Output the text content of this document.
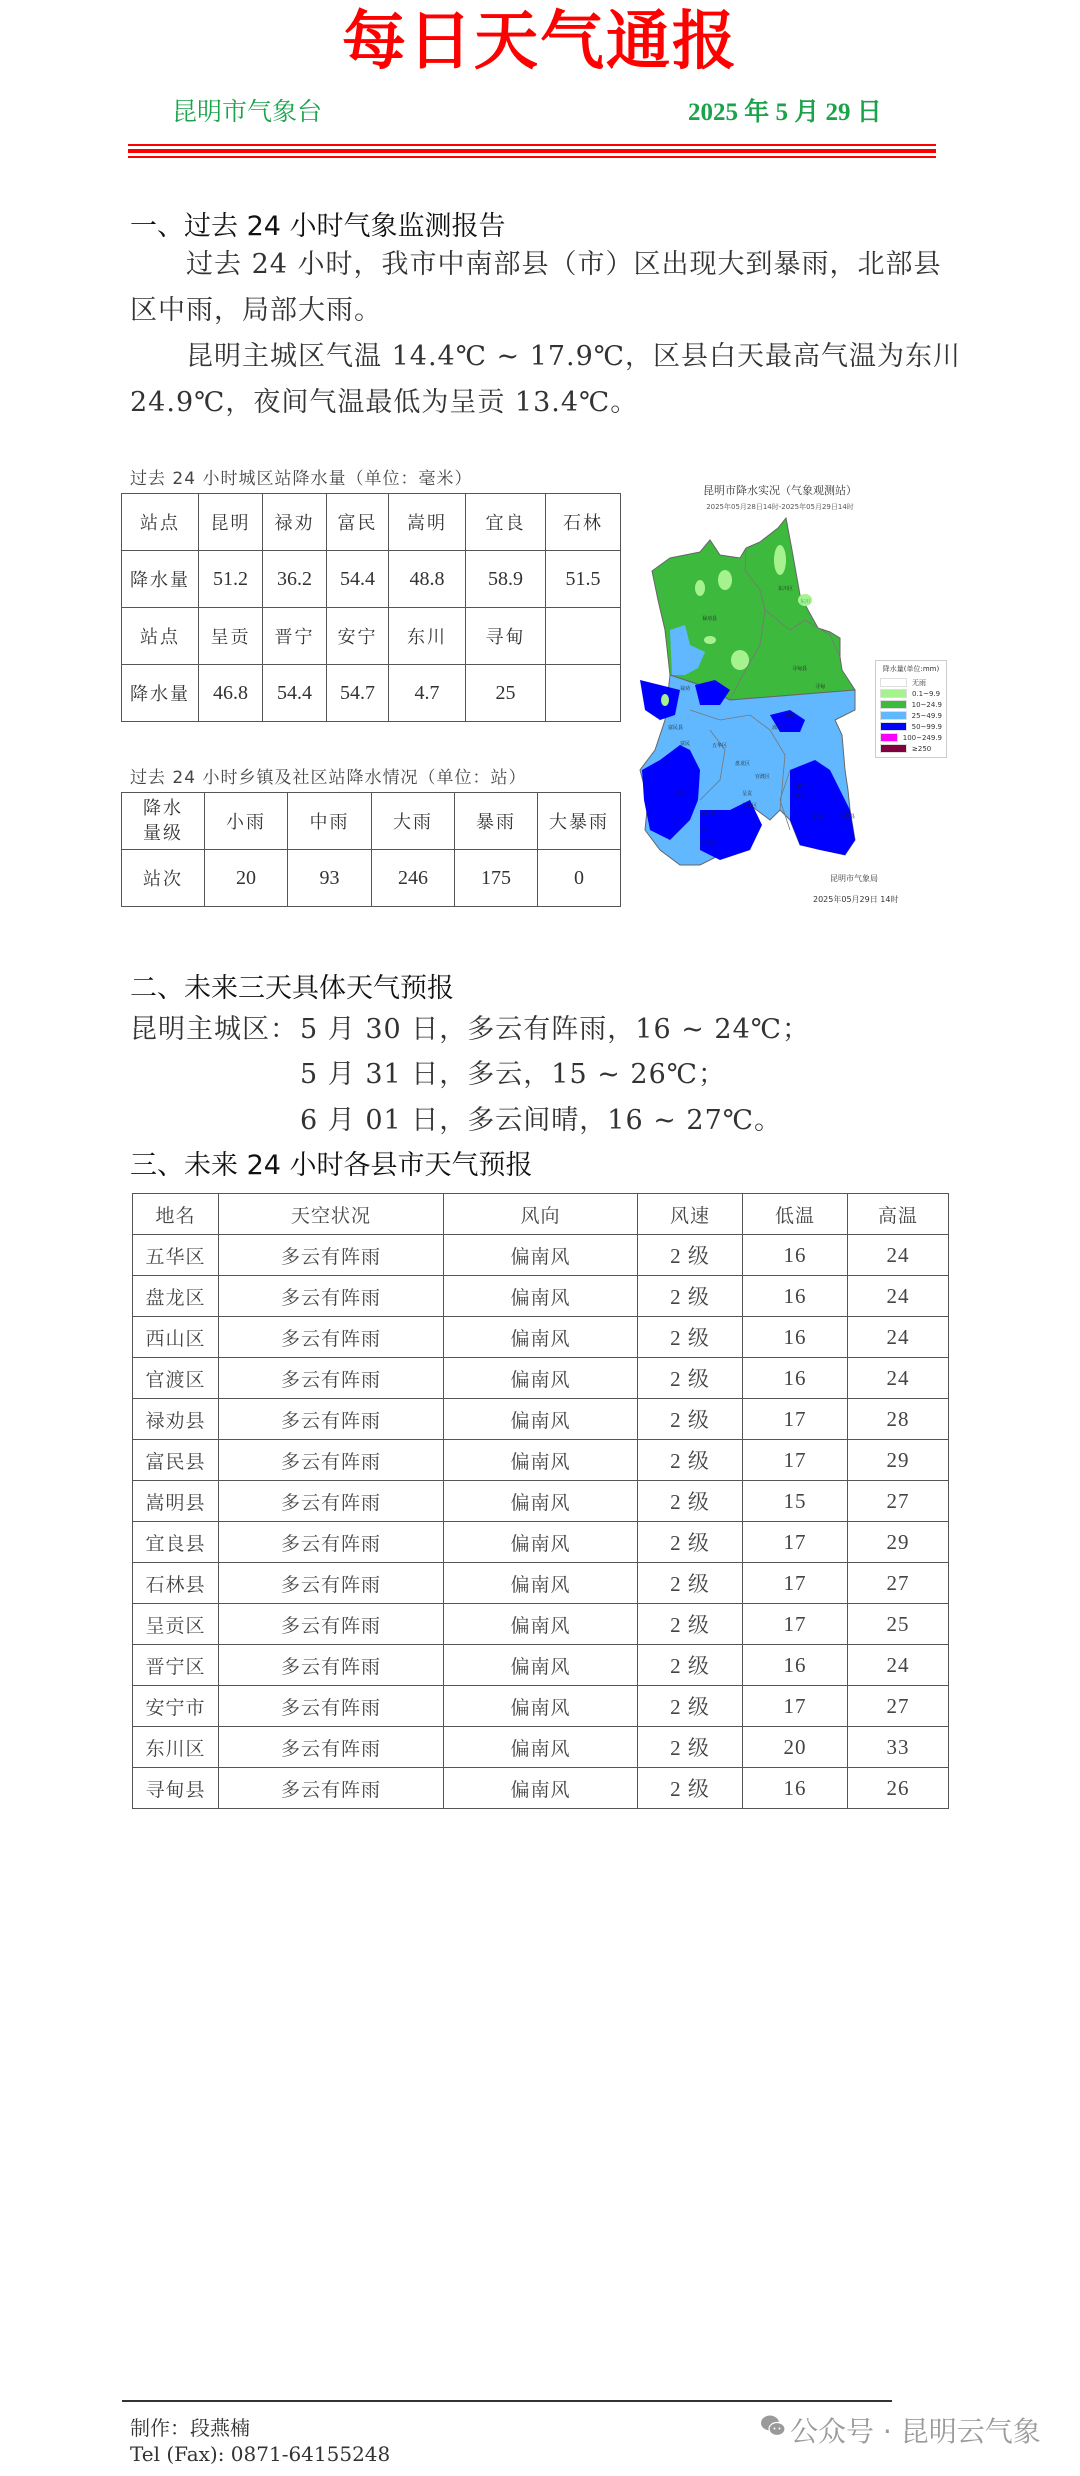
每日天气通报
昆明市气象台	2025 年 5 月 29 日
一、过去 24 小时气象监测报告
过去 24 小时，我市中南部县（市）区出现大到暴雨，北部县
区中雨，局部大雨。
昆明主城区气温 14.4℃ ~ 17.9℃，区县白天最高气温为东川
24.9℃，夜间气温最低为呈贡 13.4℃。
过去 24 小时城区站降水量（单位：毫米）
站点	昆明	禄劝	富民	嵩明	宜良	石林
降水量	51.2	36.2	54.4	48.8	58.9	51.5
站点	呈贡	晋宁	安宁	东川	寻甸	
降水量	46.8	54.4	54.7	4.7	25	
过去 24 小时乡镇及社区站降水情况（单位：站）
降水
量级	小雨	中雨	大雨	暴雨	大暴雨
站次	20	93	246	175	0
昆明市降水实况（气象观测站）
2025年05月28日14时-2025年05月29日14时
东川区
东川
禄劝县
寻甸县
寻甸
禄劝
嵩明
嵩明县
富民县
富民	五华区
盘龙区
官渡区
安宁
西山区
呈贡
呈贡区
宜良县
宜良
石林	石林县
晋宁
晋宁区
降水量(单位:mm)
无雨
0.1~9.9
10~24.9
25~49.9
50~99.9
100~249.9
≥250
昆明市气象局
2025年05月29日 14时
二、未来三天具体天气预报
昆明主城区： 5 月 30 日，多云有阵雨，16 ~ 24℃；
5 月 31 日，多云，15 ~ 26℃；
6 月 01 日，多云间晴，16 ~ 27℃。
三、未来 24 小时各县市天气预报
地名	天空状况	风向	风速	低温	高温
五华区	多云有阵雨	偏南风	2 级	16	24
盘龙区	多云有阵雨	偏南风	2 级	16	24
西山区	多云有阵雨	偏南风	2 级	16	24
官渡区	多云有阵雨	偏南风	2 级	16	24
禄劝县	多云有阵雨	偏南风	2 级	17	28
富民县	多云有阵雨	偏南风	2 级	17	29
嵩明县	多云有阵雨	偏南风	2 级	15	27
宜良县	多云有阵雨	偏南风	2 级	17	29
石林县	多云有阵雨	偏南风	2 级	17	27
呈贡区	多云有阵雨	偏南风	2 级	17	25
晋宁区	多云有阵雨	偏南风	2 级	16	24
安宁市	多云有阵雨	偏南风	2 级	17	27
东川区	多云有阵雨	偏南风	2 级	20	33
寻甸县	多云有阵雨	偏南风	2 级	16	26
制作：段燕楠
Tel (Fax): 0871-64155248
公众号 · 昆明云气象
